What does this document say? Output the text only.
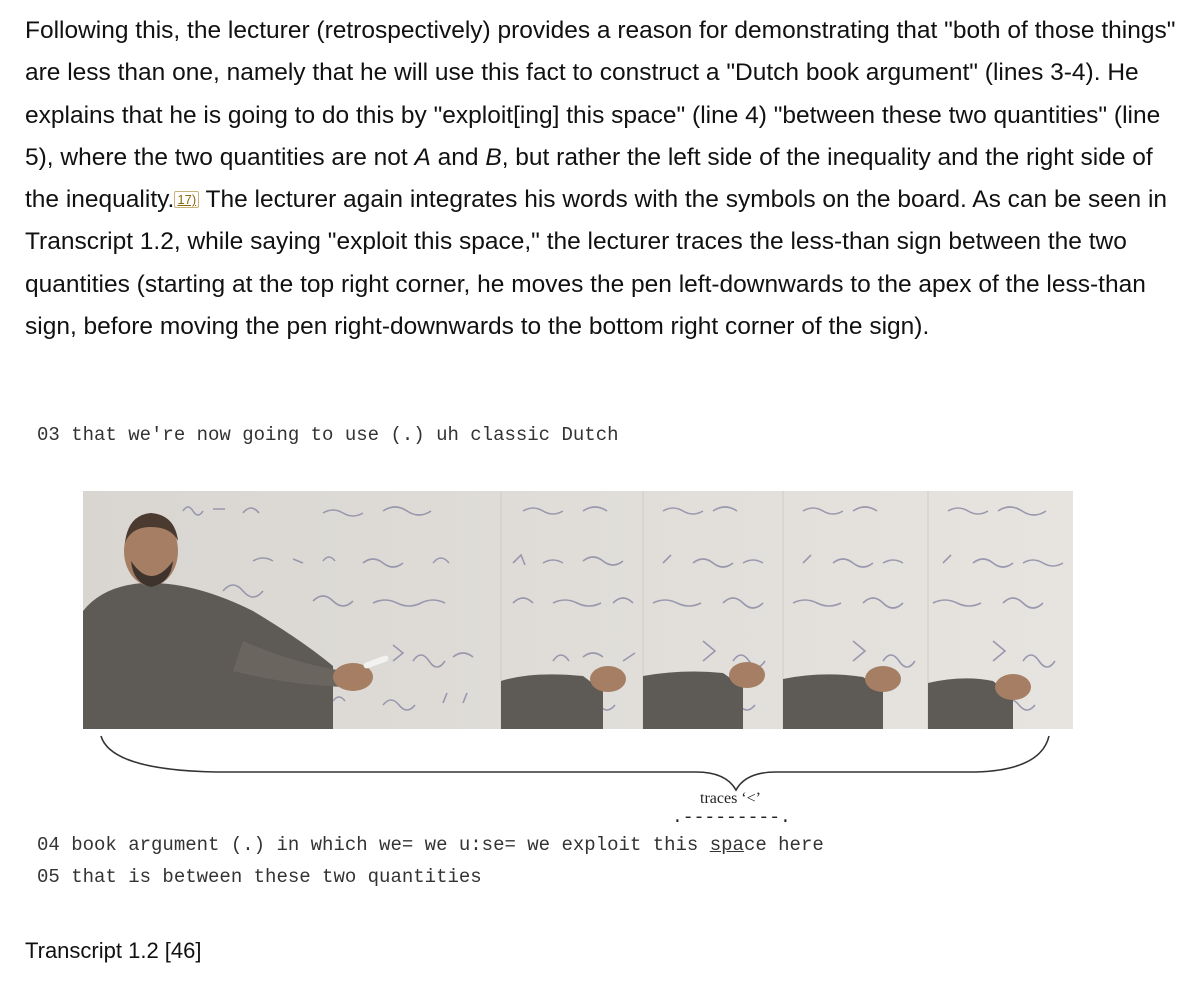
Following this, the lecturer (retrospectively) provides a reason for demonstrating that "both of those things" are less than one, namely that he will use this fact to construct a "Dutch book argument" (lines 3-4). He explains that he is going to do this by "exploit[ing] this space" (line 4) "between these two quantities" (line 5), where the two quantities are not A and B, but rather the left side of the inequality and the right side of the inequality. 17) The lecturer again integrates his words with the symbols on the board. As can be seen in Transcript 1.2, while saying "exploit this space," the lecturer traces the less-than sign between the two quantities (starting at the top right corner, he moves the pen left-downwards to the apex of the less-than sign, before moving the pen right-downwards to the bottom right corner of the sign).

03 that we're now going to use (.) uh classic Dutch
traces ‘<’
.---------.
04 book argument (.) in which we= we u:se= we exploit this space here
05 that is between these two quantities
Transcript 1.2 [46]
